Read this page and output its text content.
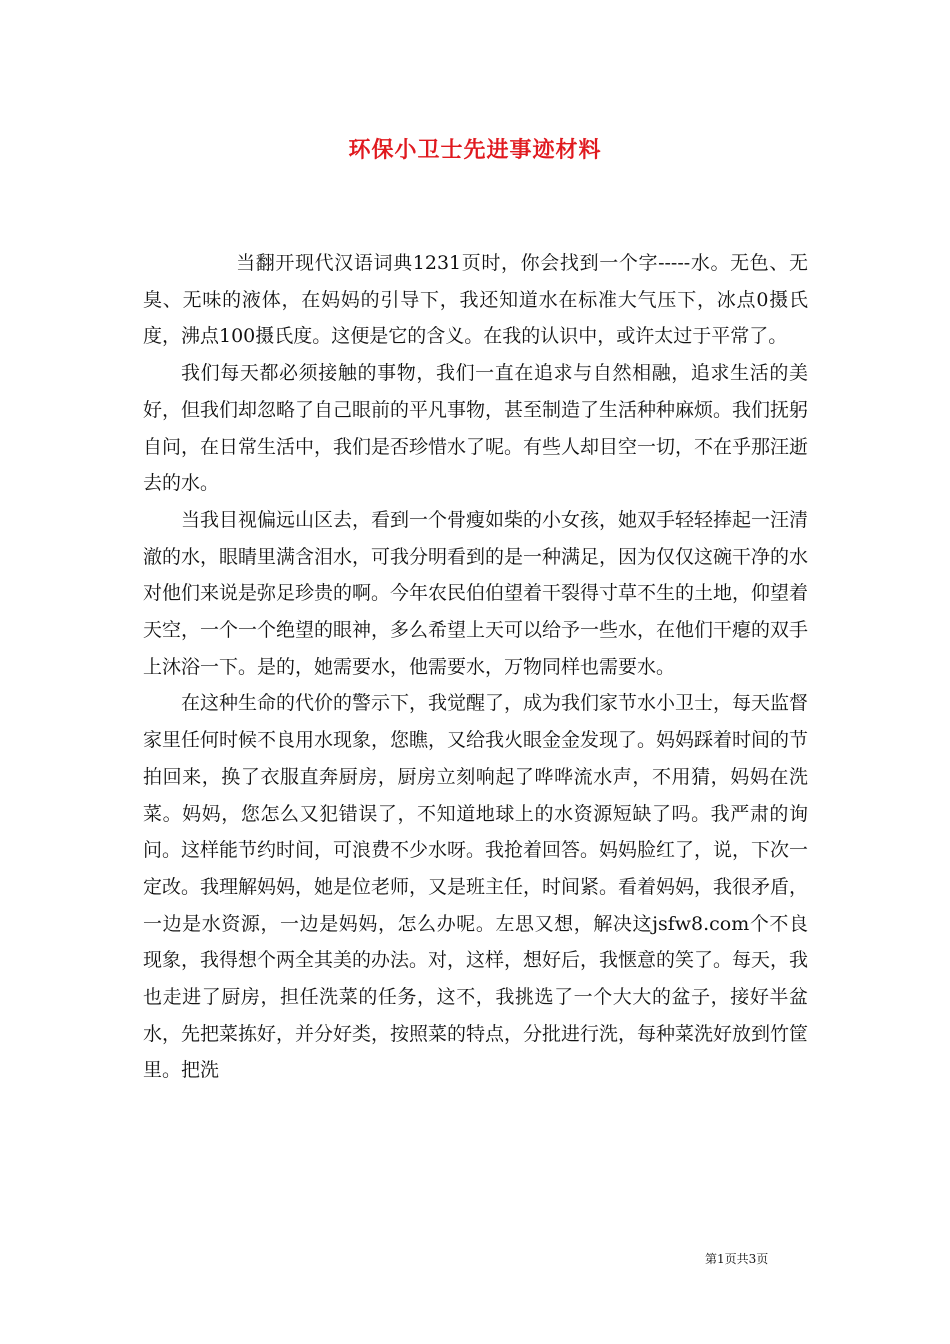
环保小卫士先进事迹材料

当翻开现代汉语词典1231页时，你会找到一个字-----水。无色、无臭、无味的液体，在妈妈的引导下，我还知道水在标准大气压下，冰点0摄氏度，沸点100摄氏度。这便是它的含义。在我的认识中，或许太过于平常了。

我们每天都必须接触的事物，我们一直在追求与自然相融，追求生活的美好，但我们却忽略了自己眼前的平凡事物，甚至制造了生活种种麻烦。我们抚躬自问，在日常生活中，我们是否珍惜水了呢。有些人却目空一切，不在乎那汪逝去的水。

当我目视偏远山区去，看到一个骨瘦如柴的小女孩，她双手轻轻捧起一汪清澈的水，眼睛里满含泪水，可我分明看到的是一种满足，因为仅仅这碗干净的水对他们来说是弥足珍贵的啊。今年农民伯伯望着干裂得寸草不生的土地，仰望着天空，一个一个绝望的眼神，多么希望上天可以给予一些水，在他们干瘪的双手上沐浴一下。是的，她需要水，他需要水，万物同样也需要水。

在这种生命的代价的警示下，我觉醒了，成为我们家节水小卫士，每天监督家里任何时候不良用水现象，您瞧，又给我火眼金金发现了。妈妈踩着时间的节拍回来，换了衣服直奔厨房，厨房立刻响起了哗哗流水声，不用猜，妈妈在洗菜。妈妈，您怎么又犯错误了，不知道地球上的水资源短缺了吗。我严肃的询问。这样能节约时间，可浪费不少水呀。我抢着回答。妈妈脸红了，说，下次一定改。我理解妈妈，她是位老师，又是班主任，时间紧。看着妈妈，我很矛盾，一边是水资源，一边是妈妈，怎么办呢。左思又想，解决这jsfw8.com个不良现象，我得想个两全其美的办法。对，这样，想好后，我惬意的笑了。每天，我也走进了厨房，担任洗菜的任务，这不，我挑选了一个大大的盆子，接好半盆水，先把菜拣好，并分好类，按照菜的特点，分批进行洗，每种菜洗好放到竹筐里。把洗

第1页共3页
